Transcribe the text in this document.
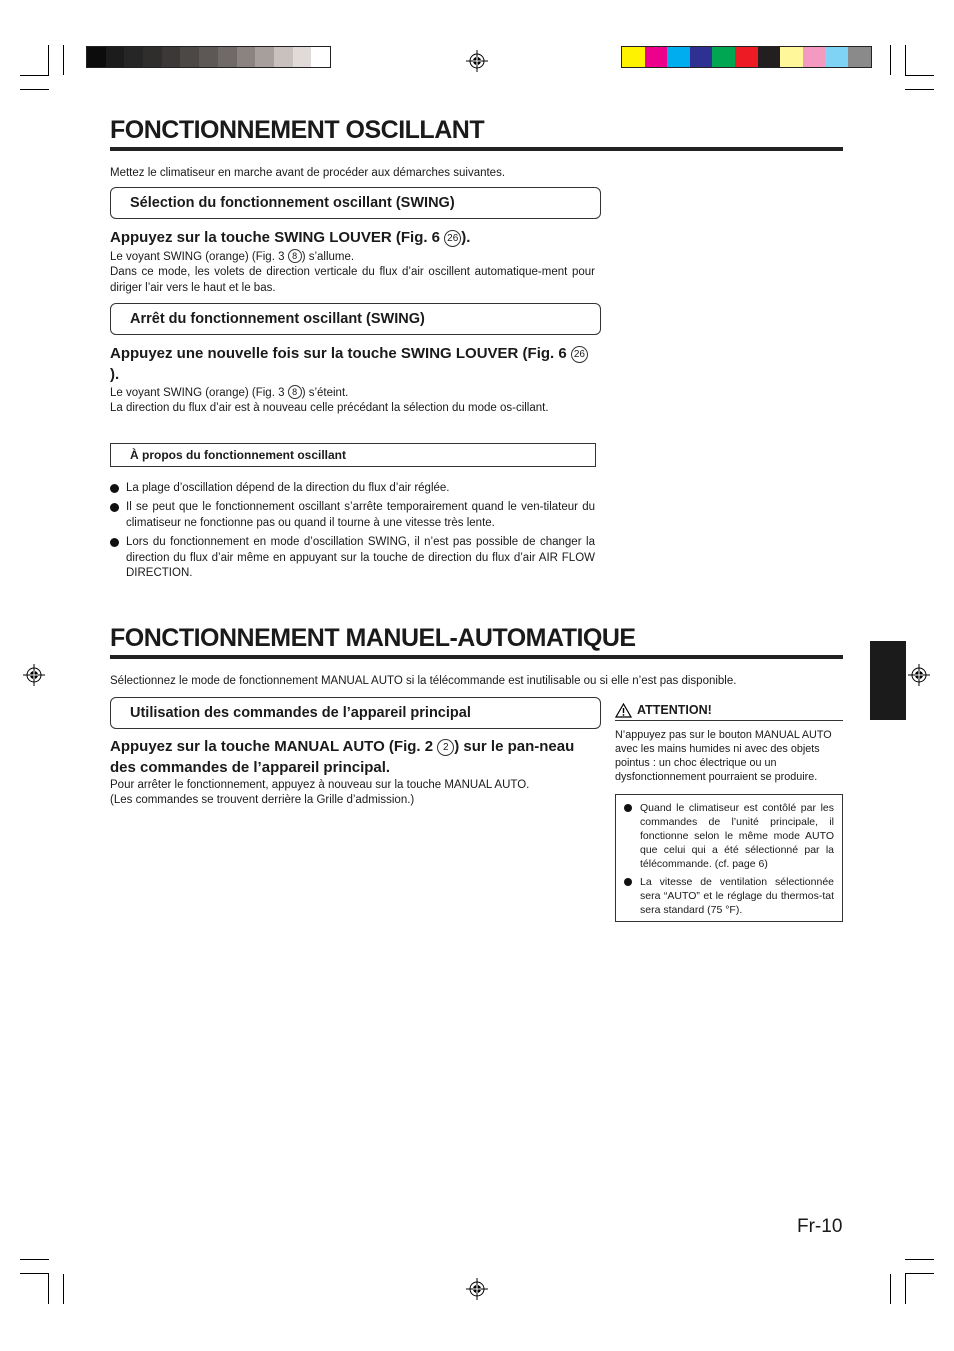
FONCTIONNEMENT OSCILLANT
Mettez le climatiseur en marche avant de procéder aux démarches suivantes.
Sélection du fonctionnement oscillant (SWING)
Appuyez sur la touche SWING LOUVER (Fig. 6 26 ).
Le voyant SWING (orange) (Fig. 3 8 ) s’allume.
Dans ce mode, les volets de direction verticale du flux d’air oscillent automatique-ment pour diriger l’air vers le haut et le bas.
Arrêt du fonctionnement oscillant (SWING)
Appuyez une nouvelle fois sur la touche SWING LOUVER (Fig. 6 26).
Le voyant SWING (orange) (Fig. 3 8 ) s’éteint.
La direction du flux d’air est à nouveau celle précédant la sélection du mode os-cillant.
À propos du fonctionnement oscillant
La plage d’oscillation dépend de la direction du flux d’air réglée.
Il se peut que le fonctionnement oscillant s’arrête temporairement quand le ven-tilateur du climatiseur ne fonctionne pas ou quand il tourne à une vitesse très lente.
Lors du fonctionnement en mode d’oscillation SWING, il n’est pas possible de changer la direction du flux d’air même en appuyant sur la touche de direction du flux d’air AIR FLOW DIRECTION.
FONCTIONNEMENT MANUEL-AUTOMATIQUE
Sélectionnez le mode de fonctionnement MANUAL AUTO si la télécommande est inutilisable ou si elle n’est pas disponible.
Utilisation des commandes de l’appareil principal
Appuyez sur la touche MANUAL AUTO (Fig. 2 2 ) sur le pan-neau des commandes de l’appareil principal.
Pour arrêter le fonctionnement, appuyez à nouveau sur la touche MANUAL AUTO.
(Les commandes se trouvent derrière la Grille d’admission.)
ATTENTION!
N’appuyez pas sur le bouton MANUAL AUTO avec les mains humides ni avec des objets pointus : un choc électrique ou un dysfonctionnement pourraient se produire.
Quand le climatiseur est contôlé par les commandes de l’unité principale, il fonctionne selon le même mode AUTO que celui qui a été sélectionné par la télécommande. (cf. page 6)
La vitesse de ventilation sélectionnée sera “AUTO” et le réglage du thermos-tat sera standard (75 °F).
Fr-10
